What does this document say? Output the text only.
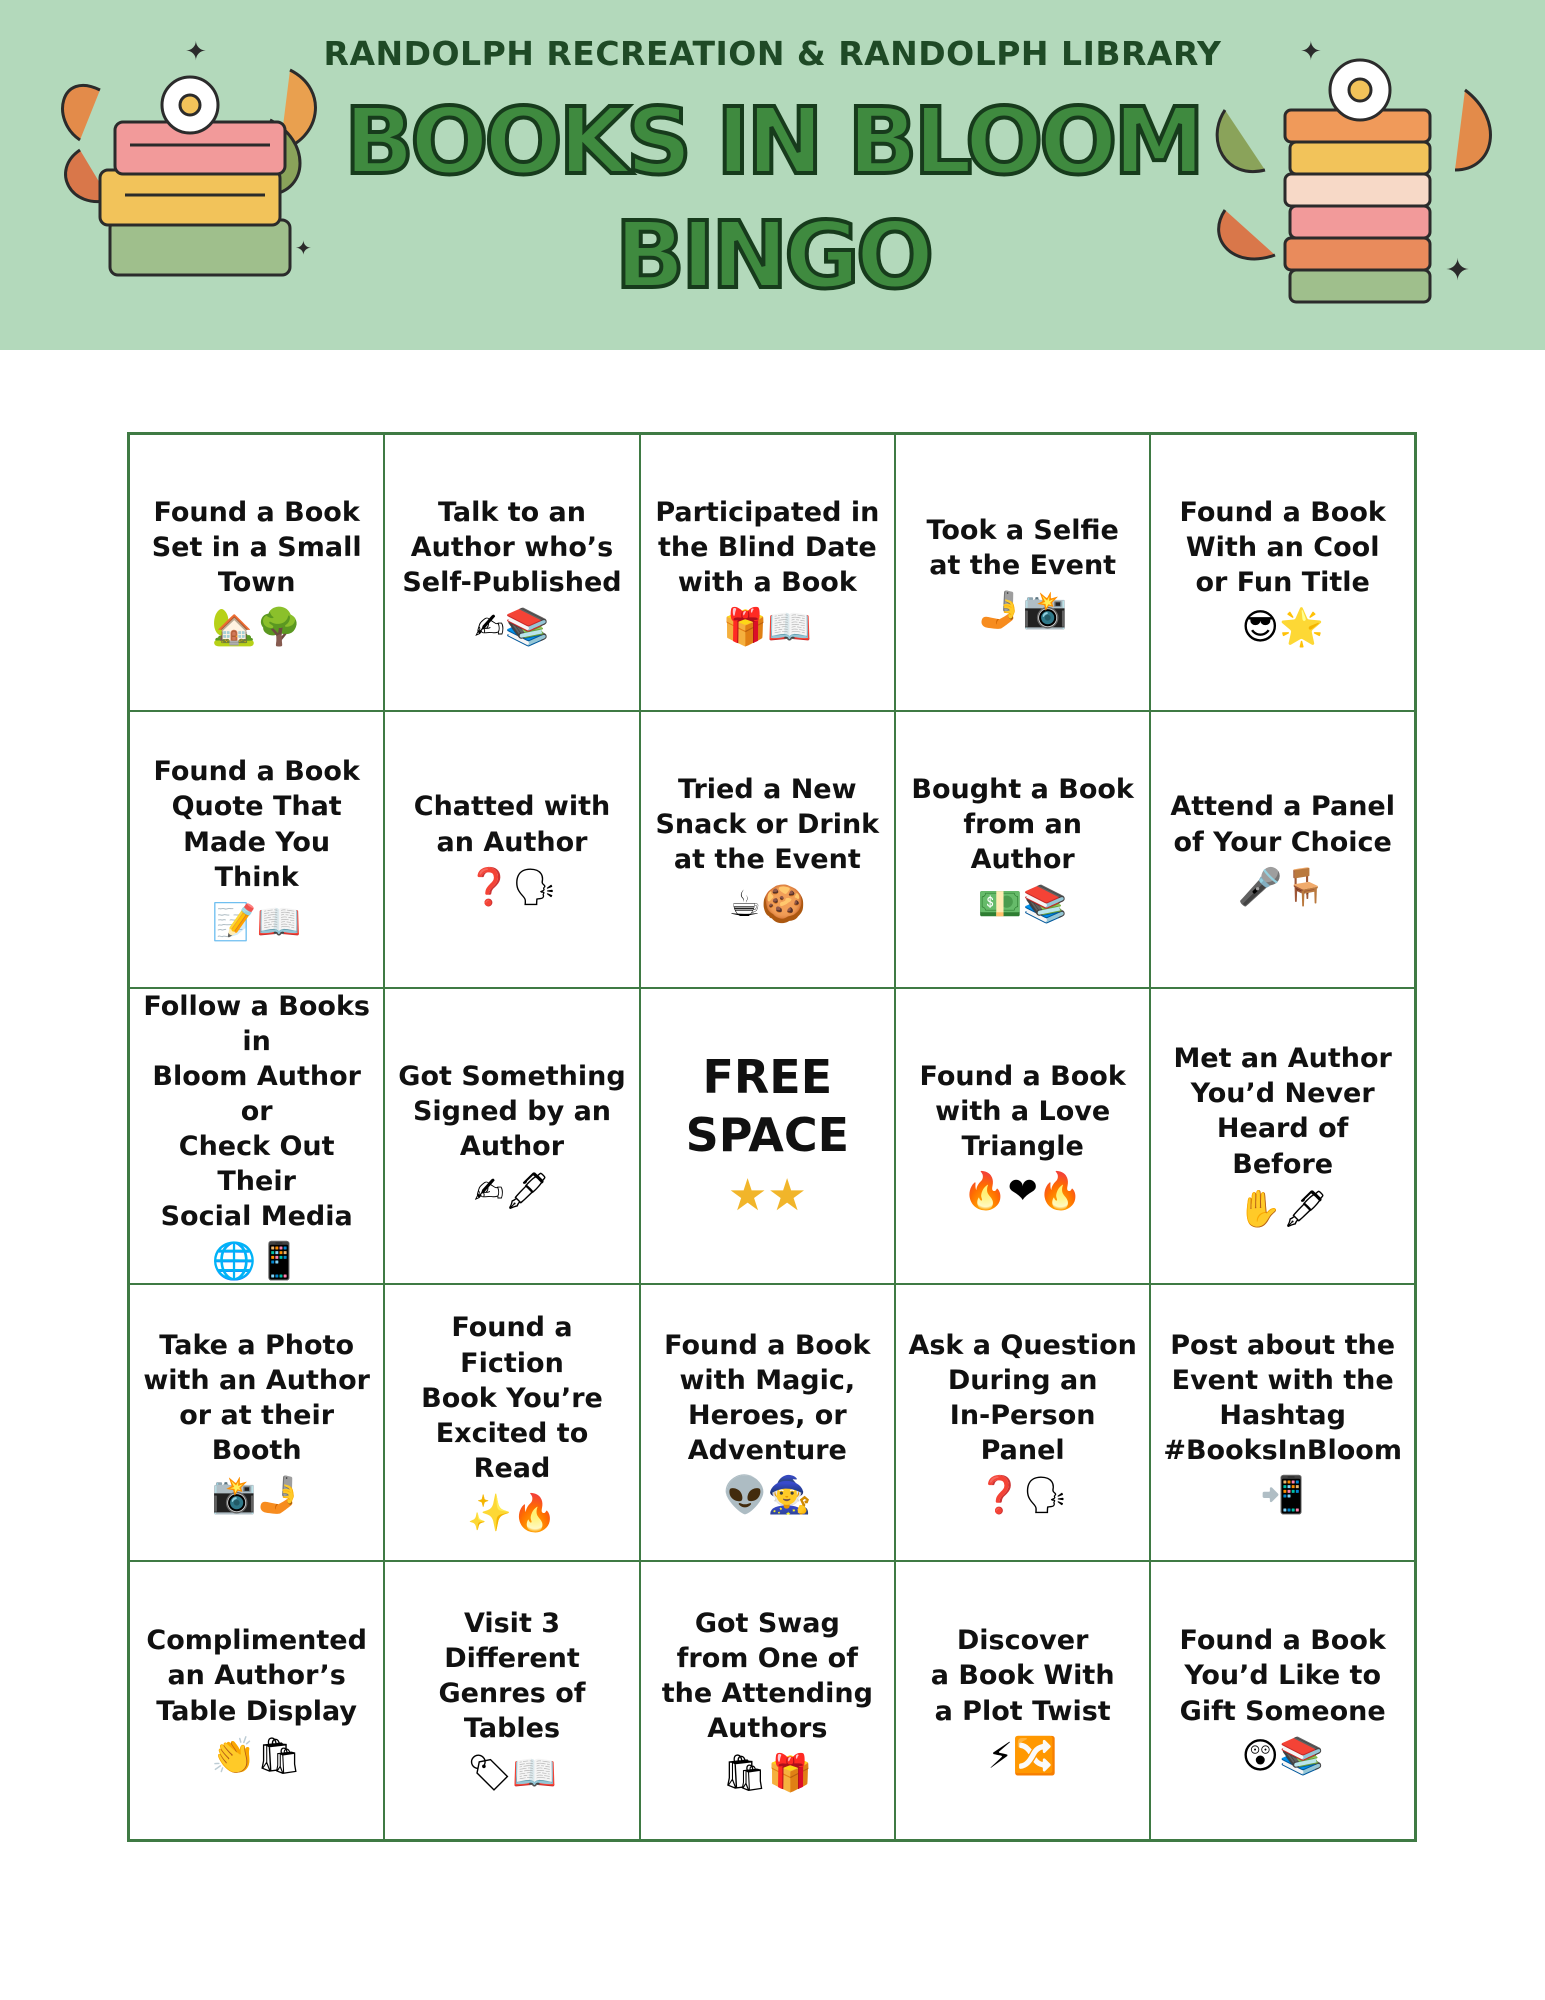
✦
✦
RANDOLPH RECREATION & RANDOLPH LIBRARY
BOOKS IN BLOOM
BINGO
✦
✦
Found a Book
Set in a Small
Town
🏡🌳
Talk to an
Author who’s
Self-Published
✍📚
Participated in
the Blind Date
with a Book
🎁📖
Took a Selfie
at the Event
🤳📸
Found a Book
With an Cool
or Fun Title
😎🌟
Found a Book
Quote That
Made You Think
📝📖
Chatted with
an Author
❓🗣
Tried a New
Snack or Drink
at the Event
☕🍪
Bought a Book
from an
Author
💵📚
Attend a Panel
of Your Choice
🎤🪑
Follow a Books in
Bloom Author or
Check Out Their
Social Media
🌐📱
Got Something
Signed by an
Author
✍🖋
FREE
SPACE
★★
Found a Book
with a Love
Triangle
🔥❤🔥
Met an Author
You’d Never
Heard of Before
✋🖋
Take a Photo
with an Author
or at their
Booth
📸🤳
Found a Fiction
Book You’re
Excited to Read
✨🔥
Found a Book
with Magic,
Heroes, or
Adventure
👽🧙
Ask a Question
During an
In-Person Panel
❓🗣
Post about the
Event with the
Hashtag
#BooksInBloom
📲
Complimented
an Author’s
Table Display
👏🛍
Visit 3 Different
Genres of
Tables
🏷📖
Got Swag
from One of
the Attending
Authors
🛍🎁
Discover
a Book With
a Plot Twist
⚡🔀
Found a Book
You’d Like to
Gift Someone
😲📚
